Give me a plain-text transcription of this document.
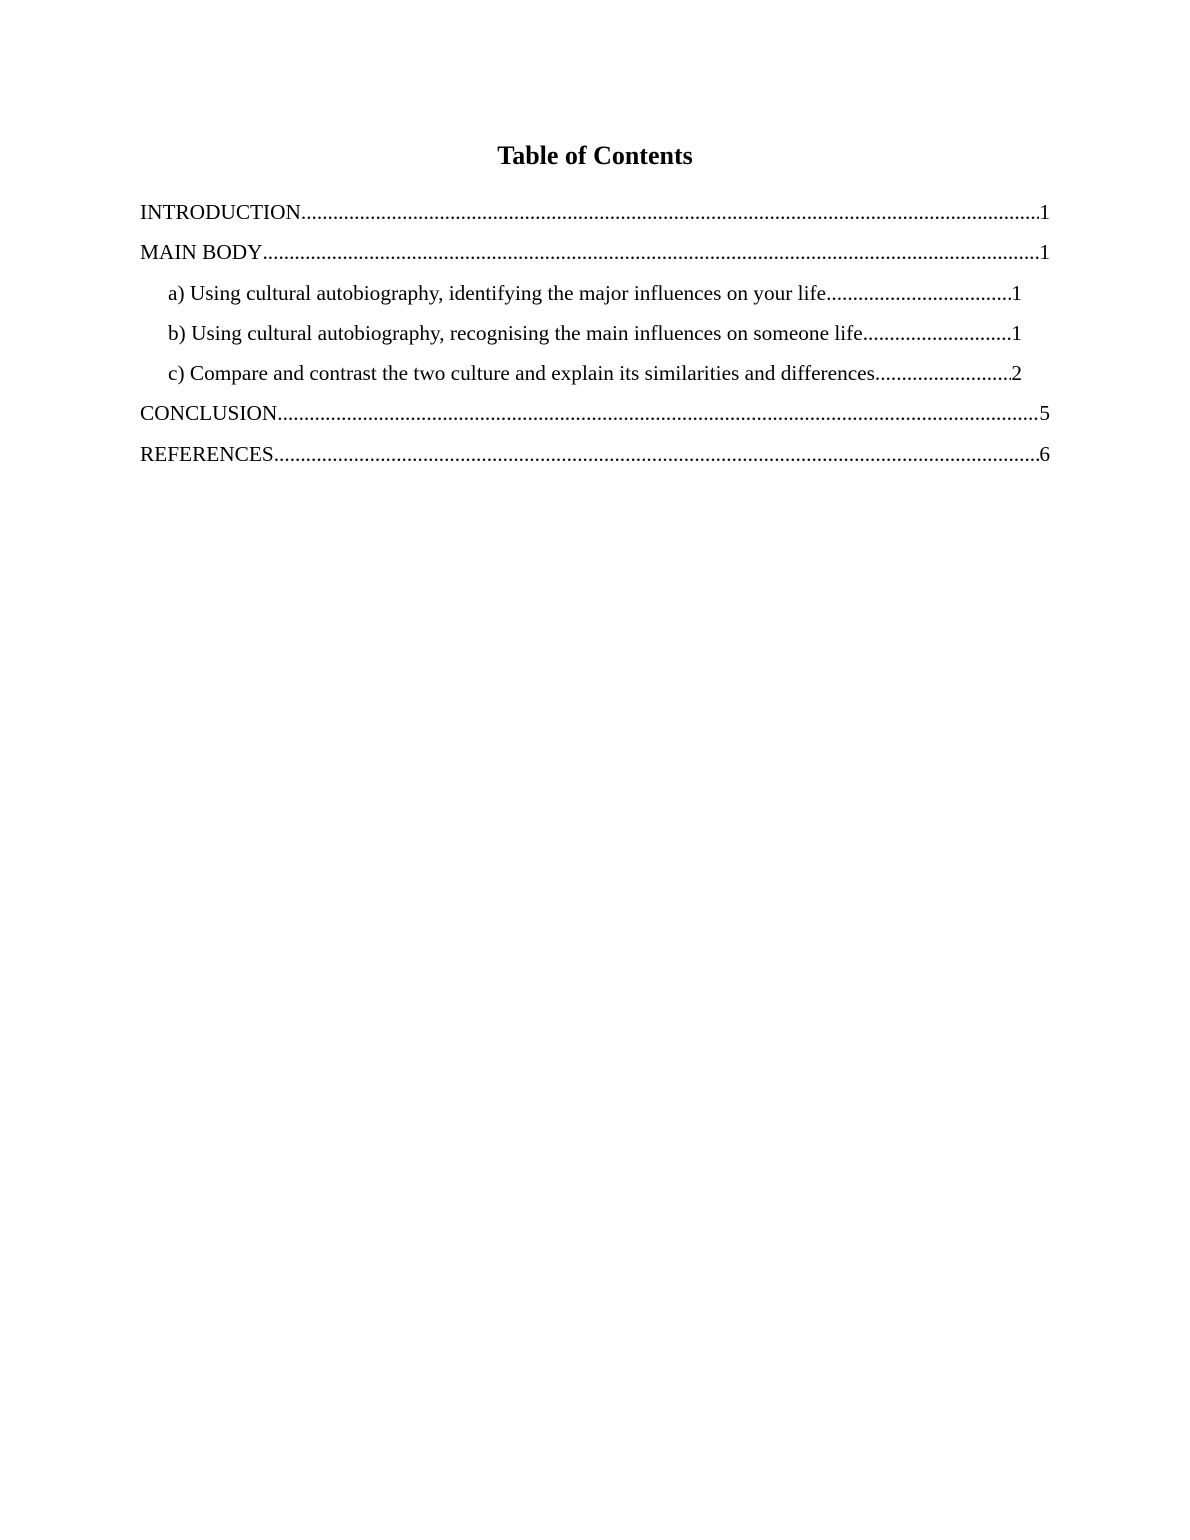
Table of Contents
INTRODUCTION .....	1
MAIN BODY .....	1
a) Using cultural autobiography, identifying the major influences on your life .....	1
b) Using cultural autobiography, recognising the main influences on someone life .....	1
c) Compare and contrast the two culture and explain its similarities and differences .....	2
CONCLUSION .....	5
REFERENCES .....	6
